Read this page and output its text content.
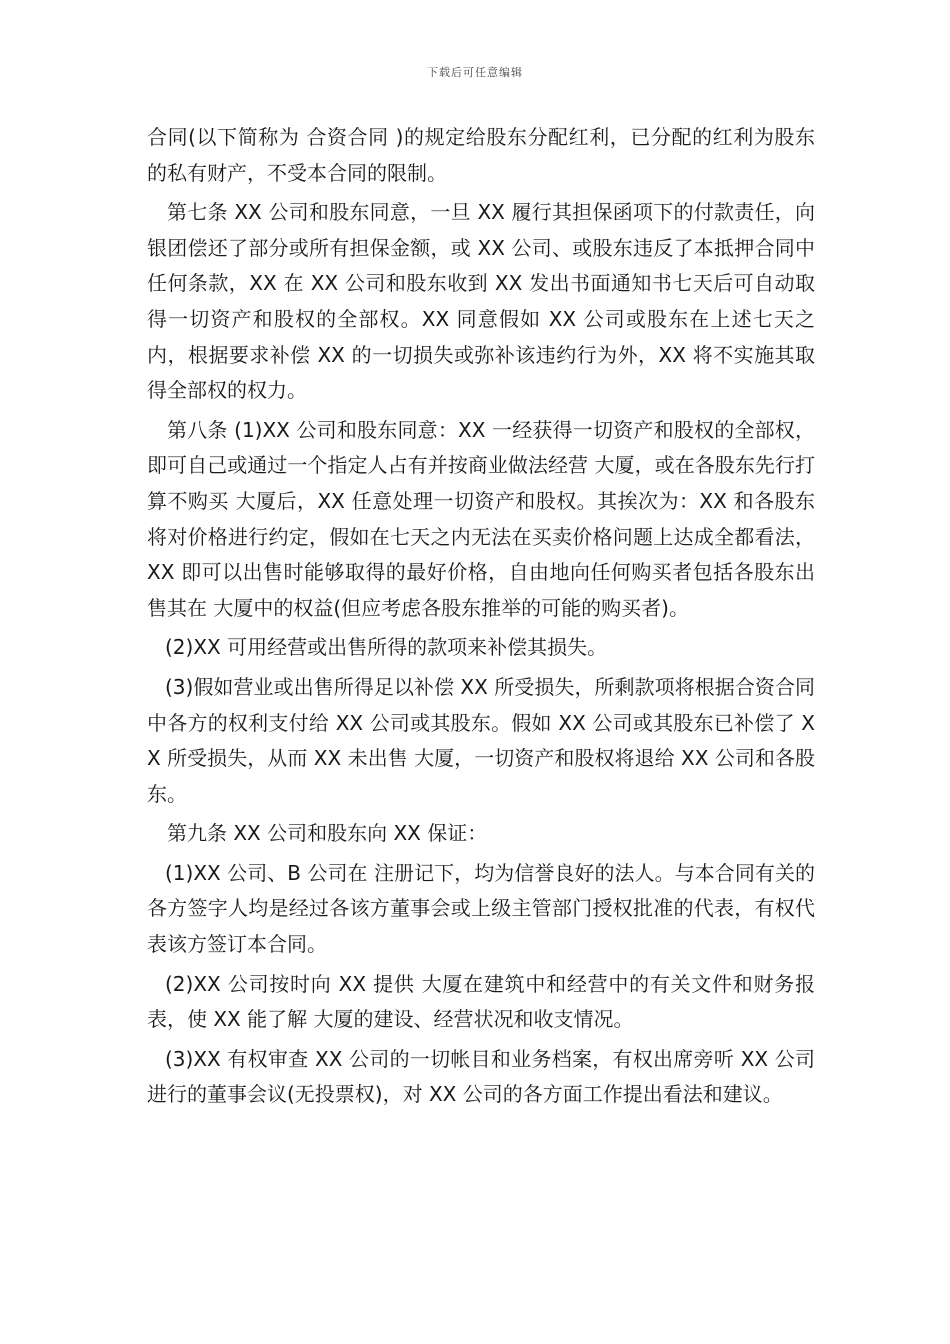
下载后可任意编辑

合同(以下简称为 合资合同 )的规定给股东分配红利，已分配的红利为股东的私有财产，不受本合同的限制。

第七条 XX 公司和股东同意，一旦 XX 履行其担保函项下的付款责任，向银团偿还了部分或所有担保金额，或 XX 公司、或股东违反了本抵押合同中任何条款，XX 在 XX 公司和股东收到 XX 发出书面通知书七天后可自动取得一切资产和股权的全部权。XX 同意假如 XX 公司或股东在上述七天之内，根据要求补偿 XX 的一切损失或弥补该违约行为外，XX 将不实施其取得全部权的权力。

第八条 (1)XX 公司和股东同意：XX 一经获得一切资产和股权的全部权，即可自己或通过一个指定人占有并按商业做法经营 大厦，或在各股东先行打算不购买 大厦后，XX 任意处理一切资产和股权。其挨次为：XX 和各股东将对价格进行约定，假如在七天之内无法在买卖价格问题上达成全都看法，XX 即可以出售时能够取得的最好价格，自由地向任何购买者包括各股东出售其在 大厦中的权益(但应考虑各股东推举的可能的购买者)。

(2)XX 可用经营或出售所得的款项来补偿其损失。

(3)假如营业或出售所得足以补偿 XX 所受损失，所剩款项将根据合资合同中各方的权利支付给 XX 公司或其股东。假如 XX 公司或其股东已补偿了 XX 所受损失，从而 XX 未出售 大厦，一切资产和股权将退给 XX 公司和各股东。

第九条 XX 公司和股东向 XX 保证：

(1)XX 公司、B 公司在 注册记下，均为信誉良好的法人。与本合同有关的各方签字人均是经过各该方董事会或上级主管部门授权批准的代表，有权代表该方签订本合同。

(2)XX 公司按时向 XX 提供 大厦在建筑中和经营中的有关文件和财务报表，使 XX 能了解 大厦的建设、经营状况和收支情况。

(3)XX 有权审查 XX 公司的一切帐目和业务档案，有权出席旁听 XX 公司进行的董事会议(无投票权)，对 XX 公司的各方面工作提出看法和建议。
